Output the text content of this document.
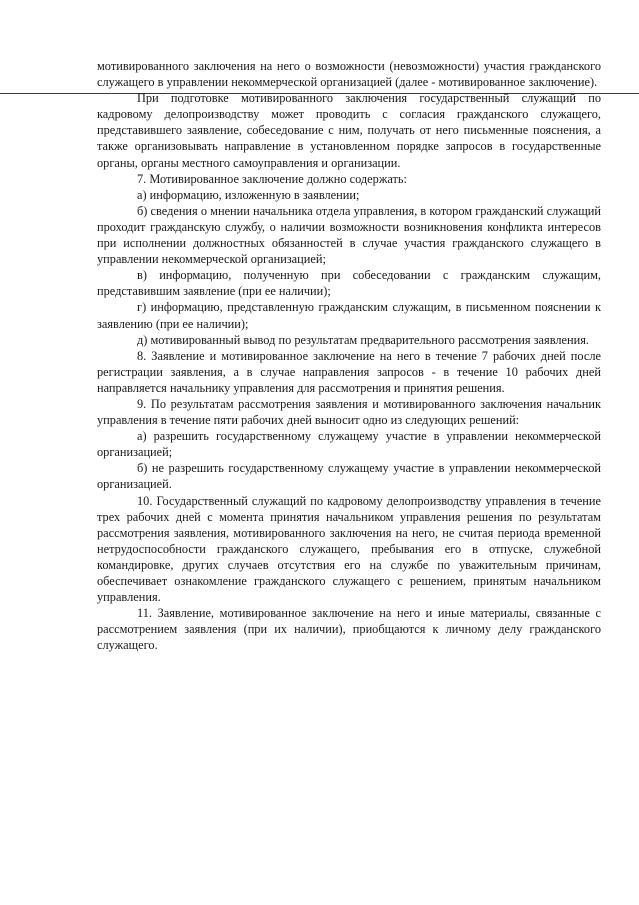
мотивированного заключения на него о возможности (невозможности) участия гражданского служащего в управлении некоммерческой организацией (далее - мотивированное заключение).

При подготовке мотивированного заключения государственный служащий по кадровому делопроизводству может проводить с согласия гражданского служащего, представившего заявление, собеседование с ним, получать от него письменные пояснения, а также организовывать направление в установленном порядке запросов в государственные органы, органы местного самоуправления и организации.

7. Мотивированное заключение должно содержать:

а) информацию, изложенную в заявлении;

б) сведения о мнении начальника отдела управления, в котором гражданский служащий проходит гражданскую службу, о наличии возможности возникновения конфликта интересов при исполнении должностных обязанностей в случае участия гражданского служащего в управлении некоммерческой организацией;

в) информацию, полученную при собеседовании с гражданским служащим, представившим заявление (при ее наличии);

г) информацию, представленную гражданским служащим, в письменном пояснении к заявлению (при ее наличии);

д) мотивированный вывод по результатам предварительного рассмотрения заявления.

8. Заявление и мотивированное заключение на него в течение 7 рабочих дней после регистрации заявления, а в случае направления запросов - в течение 10 рабочих дней направляется начальнику управления для рассмотрения и принятия решения.

9. По результатам рассмотрения заявления и мотивированного заключения начальник управления в течение пяти рабочих дней выносит одно из следующих решений:

а) разрешить государственному служащему участие в управлении некоммерческой организацией;

б) не разрешить государственному служащему участие в управлении некоммерческой организацией.

10. Государственный служащий по кадровому делопроизводству управления в течение трех рабочих дней с момента принятия начальником управления решения по результатам рассмотрения заявления, мотивированного заключения на него, не считая периода временной нетрудоспособности гражданского служащего, пребывания его в отпуске, служебной командировке, других случаев отсутствия его на службе по уважительным причинам, обеспечивает ознакомление гражданского служащего с решением, принятым начальником управления.

11. Заявление, мотивированное заключение на него и иные материалы, связанные с рассмотрением заявления (при их наличии), приобщаются к личному делу гражданского служащего.
